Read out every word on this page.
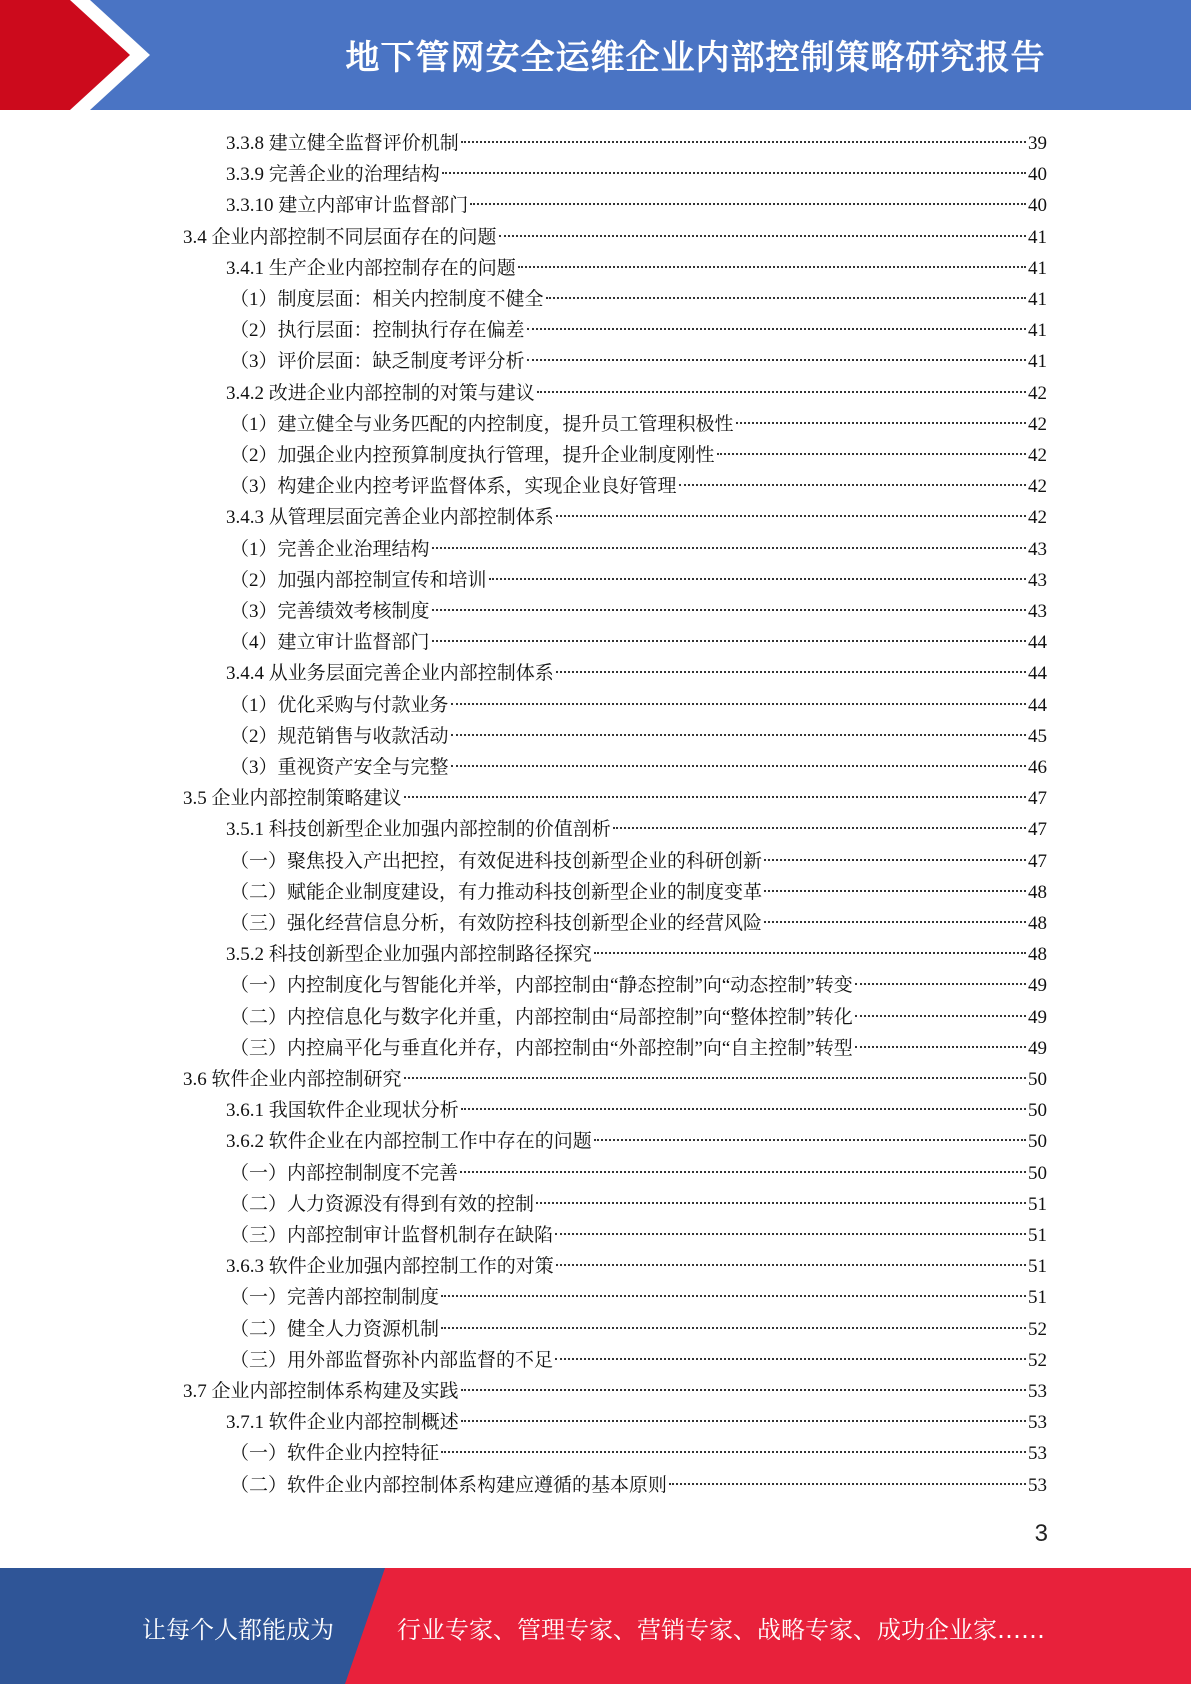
地下管网安全运维企业内部控制策略研究报告
3.3.8 建立健全监督评价机制	39
3.3.9 完善企业的治理结构	40
3.3.10 建立内部审计监督部门	40
3.4 企业内部控制不同层面存在的问题	41
3.4.1 生产企业内部控制存在的问题	41
（1）制度层面：相关内控制度不健全	41
（2）执行层面：控制执行存在偏差	41
（3）评价层面：缺乏制度考评分析	41
3.4.2 改进企业内部控制的对策与建议	42
（1）建立健全与业务匹配的内控制度，提升员工管理积极性	42
（2）加强企业内控预算制度执行管理，提升企业制度刚性	42
（3）构建企业内控考评监督体系，实现企业良好管理	42
3.4.3 从管理层面完善企业内部控制体系	42
（1）完善企业治理结构	43
（2）加强内部控制宣传和培训	43
（3）完善绩效考核制度	43
（4）建立审计监督部门	44
3.4.4 从业务层面完善企业内部控制体系	44
（1）优化采购与付款业务	44
（2）规范销售与收款活动	45
（3）重视资产安全与完整	46
3.5 企业内部控制策略建议	47
3.5.1 科技创新型企业加强内部控制的价值剖析	47
（一）聚焦投入产出把控，有效促进科技创新型企业的科研创新	47
（二）赋能企业制度建设，有力推动科技创新型企业的制度变革	48
（三）强化经营信息分析，有效防控科技创新型企业的经营风险	48
3.5.2 科技创新型企业加强内部控制路径探究	48
（一）内控制度化与智能化并举，内部控制由“静态控制”向“动态控制”转变	49
（二）内控信息化与数字化并重，内部控制由“局部控制”向“整体控制”转化	49
（三）内控扁平化与垂直化并存，内部控制由“外部控制”向“自主控制”转型	49
3.6 软件企业内部控制研究	50
3.6.1 我国软件企业现状分析	50
3.6.2 软件企业在内部控制工作中存在的问题	50
（一）内部控制制度不完善	50
（二）人力资源没有得到有效的控制	51
（三）内部控制审计监督机制存在缺陷	51
3.6.3 软件企业加强内部控制工作的对策	51
（一）完善内部控制制度	51
（二）健全人力资源机制	52
（三）用外部监督弥补内部监督的不足	52
3.7 企业内部控制体系构建及实践	53
3.7.1 软件企业内部控制概述	53
（一）软件企业内控特征	53
（二）软件企业内部控制体系构建应遵循的基本原则	53
3
让每个人都能成为	行业专家、管理专家、营销专家、战略专家、成功企业家……
